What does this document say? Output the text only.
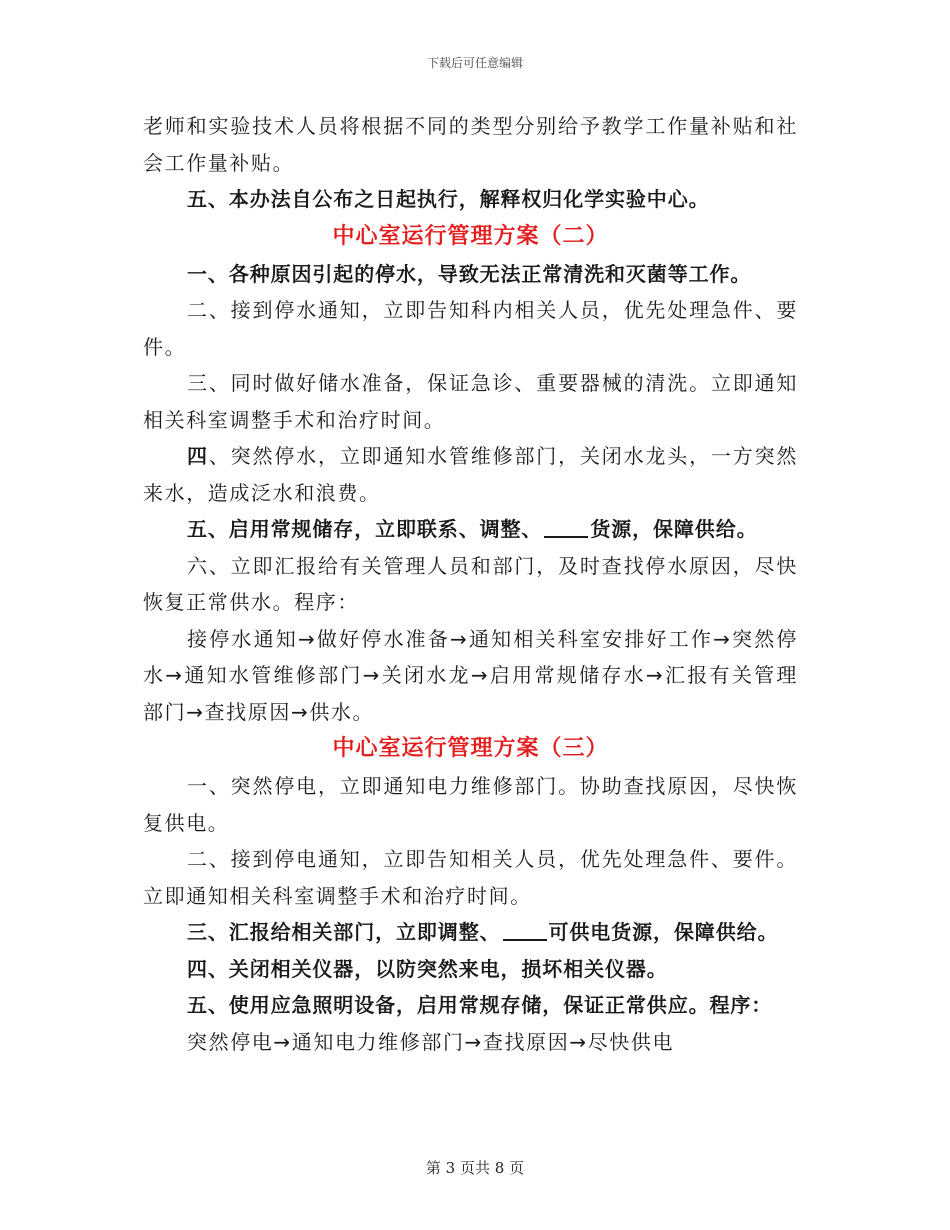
下载后可任意编辑

老师和实验技术人员将根据不同的类型分别给予教学工作量补贴和社会工作量补贴。

五、本办法自公布之日起执行，解释权归化学实验中心。

中心室运行管理方案（二）

一、各种原因引起的停水，导致无法正常清洗和灭菌等工作。

二、接到停水通知，立即告知科内相关人员，优先处理急件、要件。

三、同时做好储水准备，保证急诊、重要器械的清洗。立即通知相关科室调整手术和治疗时间。

四、突然停水，立即通知水管维修部门，关闭水龙头，一方突然来水，造成泛水和浪费。

五、启用常规储存，立即联系、调整、 货源，保障供给。

六、立即汇报给有关管理人员和部门，及时查找停水原因，尽快恢复正常供水。程序：

接停水通知→做好停水准备→通知相关科室安排好工作→突然停水→通知水管维修部门→关闭水龙→启用常规储存水→汇报有关管理部门→查找原因→供水。

中心室运行管理方案（三）

一、突然停电，立即通知电力维修部门。协助查找原因，尽快恢复供电。

二、接到停电通知，立即告知相关人员，优先处理急件、要件。立即通知相关科室调整手术和治疗时间。

三、汇报给相关部门，立即调整、 可供电货源，保障供给。

四、关闭相关仪器，以防突然来电，损坏相关仪器。

五、使用应急照明设备，启用常规存储，保证正常供应。程序：

突然停电→通知电力维修部门→查找原因→尽快供电

第 3 页共 8 页
